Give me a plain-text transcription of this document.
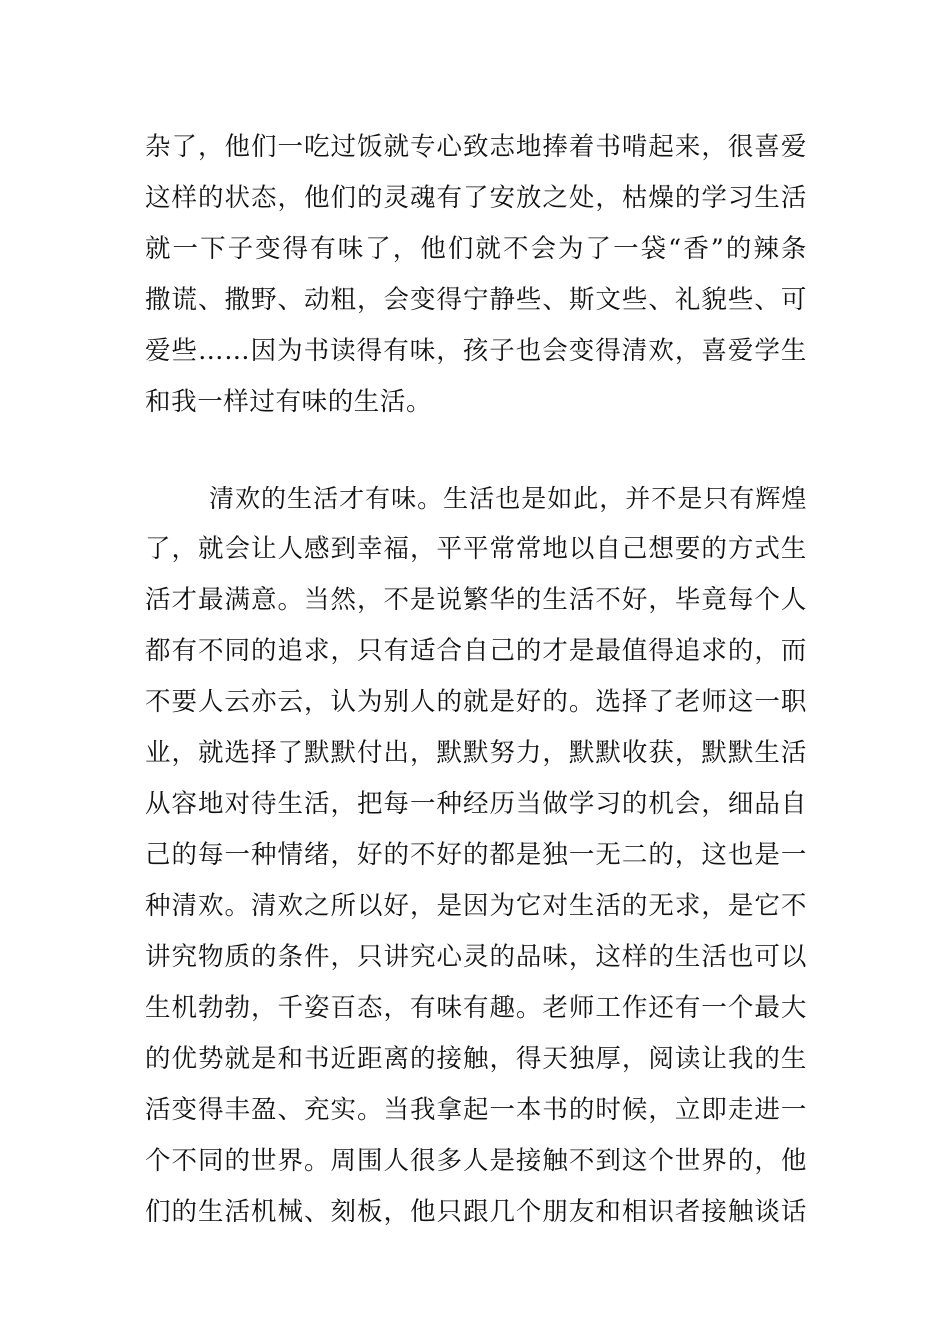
杂了，他们一吃过饭就专心致志地捧着书啃起来，很喜爱
这样的状态，他们的灵魂有了安放之处，枯燥的学习生活
就一下子变得有味了，他们就不会为了一袋“香”的辣条
撒谎、撒野、动粗，会变得宁静些、斯文些、礼貌些、可
爱些……因为书读得有味，孩子也会变得清欢，喜爱学生
和我一样过有味的生活。
清欢的生活才有味。生活也是如此，并不是只有辉煌
了，就会让人感到幸福，平平常常地以自己想要的方式生
活才最满意。当然，不是说繁华的生活不好，毕竟每个人
都有不同的追求，只有适合自己的才是最值得追求的，而
不要人云亦云，认为别人的就是好的。选择了老师这一职
业，就选择了默默付出，默默努力，默默收获，默默生活
从容地对待生活，把每一种经历当做学习的机会，细品自
己的每一种情绪，好的不好的都是独一无二的，这也是一
种清欢。清欢之所以好，是因为它对生活的无求，是它不
讲究物质的条件，只讲究心灵的品味，这样的生活也可以
生机勃勃，千姿百态，有味有趣。老师工作还有一个最大
的优势就是和书近距离的接触，得天独厚，阅读让我的生
活变得丰盈、充实。当我拿起一本书的时候，立即走进一
个不同的世界。周围人很多人是接触不到这个世界的，他
们的生活机械、刻板，他只跟几个朋友和相识者接触谈话
